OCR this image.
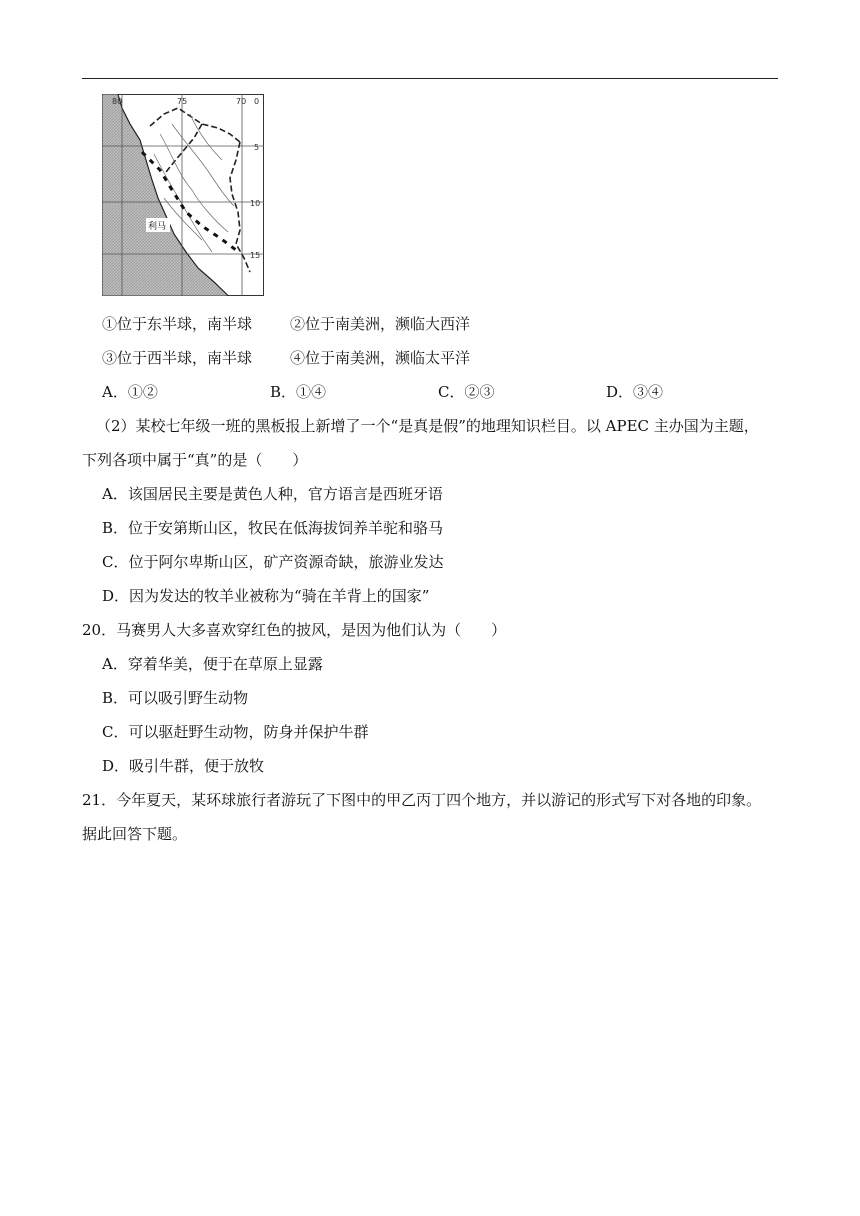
利马
80	75	70 0
5
10
15
①位于东半球，南半球	②位于南美洲，濒临大西洋
③位于西半球，南半球	④位于南美洲，濒临太平洋
A．①②	B．①④	C．②③	D．③④
（2）某校七年级一班的黑板报上新增了一个“是真是假”的地理知识栏目。以 APEC 主办国为主题，
下列各项中属于“真”的是（　　）
A．该国居民主要是黄色人种，官方语言是西班牙语
B．位于安第斯山区，牧民在低海拔饲养羊驼和骆马
C．位于阿尔卑斯山区，矿产资源奇缺，旅游业发达
D．因为发达的牧羊业被称为“骑在羊背上的国家”
20．马赛男人大多喜欢穿红色的披风，是因为他们认为（　　）
A．穿着华美，便于在草原上显露
B．可以吸引野生动物
C．可以驱赶野生动物，防身并保护牛群
D．吸引牛群，便于放牧
21．今年夏天，某环球旅行者游玩了下图中的甲乙丙丁四个地方，并以游记的形式写下对各地的印象。
据此回答下题。
